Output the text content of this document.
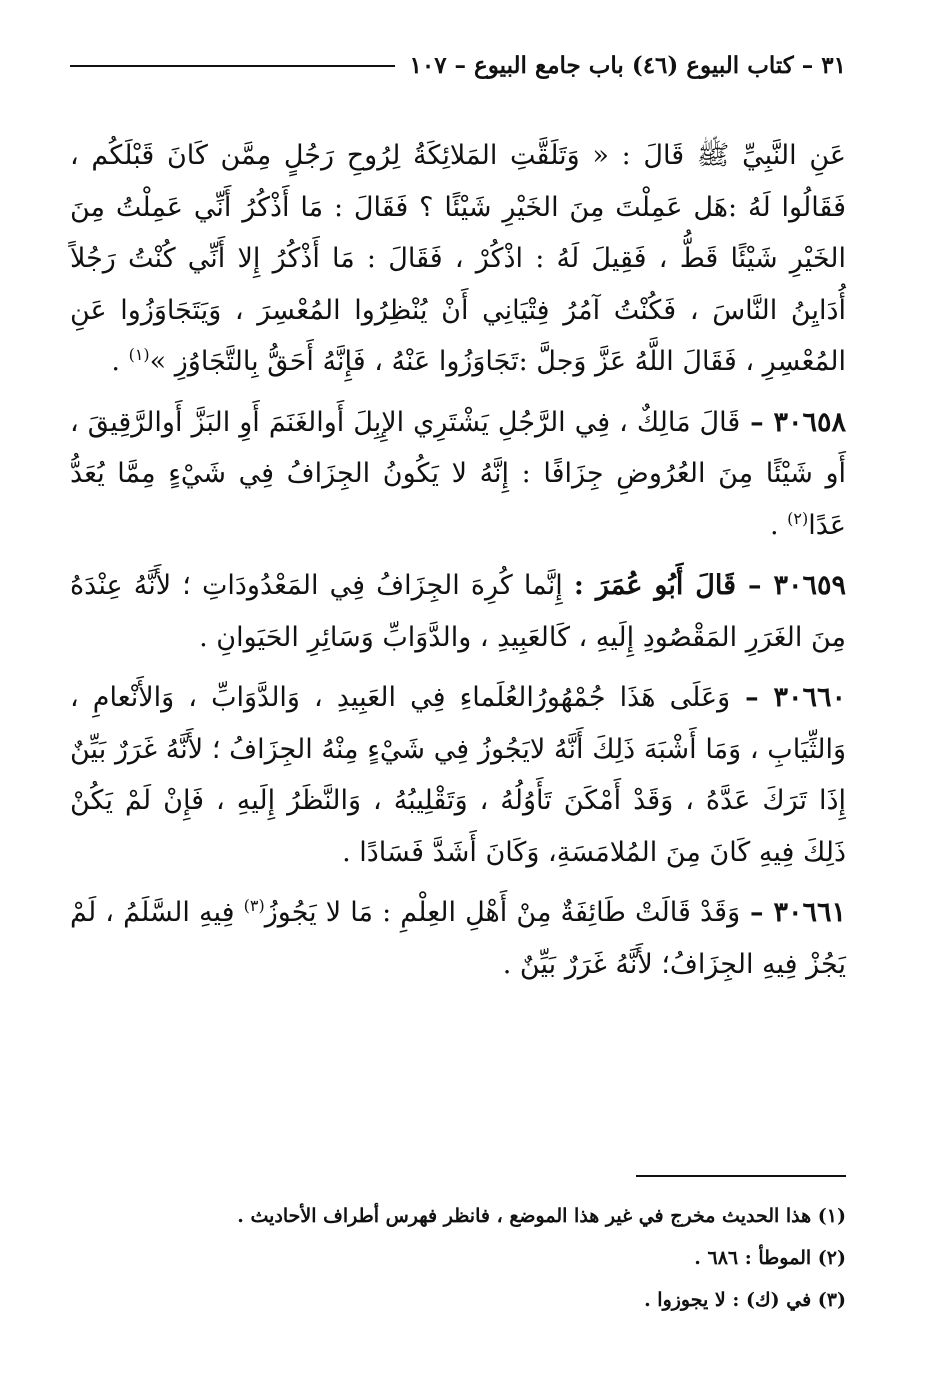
٣١ – كتاب البيوع (٤٦) باب جامع البيوع – ١٠٧

عَنِ النَّبِيِّ ﷺ قَالَ : « وَتَلَقَّتِ المَلائِكَةُ لِرُوحِ رَجُلٍ مِمَّن كَانَ قَبْلَكُم ، فَقَالُوا لَهُ :هَل عَمِلْتَ مِنَ الخَيْرِ شَيْئًا ؟ فَقَالَ : مَا أَذْكُرُ أَنِّي عَمِلْتُ مِنَ الخَيْرِ شَيْئًا قَطُّ ، فَقِيلَ لَهُ : اذْكُرْ ، فَقَالَ : مَا أَذْكُرُ إِلا أَنِّي كُنْتُ رَجُلاً أُدَايِنُ النَّاسَ ، فَكُنْتُ آمُرُ فِتْيَانِي أَنْ يُنْظِرُوا المُعْسِرَ ، وَيَتَجَاوَزُوا عَنِ المُعْسِرِ ، فَقَالَ اللَّهُ عَزَّ وَجلَّ :تَجَاوَزُوا عَنْهُ ، فَإِنَّهُ أَحَقُّ بِالتَّجَاوُزِ »$^{(١)}$ .

٣٠٦٥٨ – قَالَ مَالِكٌ ، فِي الرَّجُلِ يَشْتَرِي الإِبِلَ أَوالغَنَمَ أَوِ البَزَّ أَوالرَّقِيقَ ، أَو شَيْئًا مِنَ العُرُوضِ جِزَافًا : إِنَّهُ لا يَكُونُ الجِزَافُ فِي شَيْءٍ مِمَّا يُعَدُّ عَدًا$^{(٢)}$ .

٣٠٦٥٩ – قَالَ أَبُو عُمَرَ : إِنَّما كُرِهَ الجِزَافُ فِي المَعْدُودَاتِ ؛ لأَنَّهُ عِنْدَهُ مِنَ الغَرَرِ المَقْصُودِ إِلَيهِ ، كَالعَبِيدِ ، والدَّوَابِّ وَسَائِرِ الحَيَوانِ .

٣٠٦٦٠ – وَعَلَى هَذَا جُمْهُورُالعُلَماءِ فِي العَبِيدِ ، وَالدَّوَابِّ ، وَالأَنْعامِ ، وَالثِّيَابِ ، وَمَا أَشْبَهَ ذَلِكَ أَنَّهُ لايَجُوزُ فِي شَيْءٍ مِنْهُ الجِزَافُ ؛ لأَنَّهُ غَرَرٌ بَيِّنٌ إِذَا تَرَكَ عَدَّهُ ، وَقَدْ أَمْكَنَ تَأَوُلُهُ ، وَتَقْلِيبُهُ ، وَالنَّظَرُ إِلَيهِ ، فَإِنْ لَمْ يَكُنْ ذَلِكَ فِيهِ كَانَ مِنَ المُلامَسَةِ، وَكَانَ أَشَدَّ فَسَادًا .

٣٠٦٦١ – وَقَدْ قَالَتْ طَائِفَةٌ مِنْ أَهْلِ العِلْمِ : مَا لا يَجُوزُ$^{(٣)}$ فِيهِ السَّلَمُ ، لَمْ يَجُزْ فِيهِ الجِزَافُ؛ لأَنَّهُ غَرَرٌ بَيِّنٌ .

(١) هذا الحديث مخرج في غير هذا الموضع ، فانظر فهرس أطراف الأحاديث .
(٢) الموطأ : ٦٨٦ .
(٣) في (ك) : لا يجوزوا .
